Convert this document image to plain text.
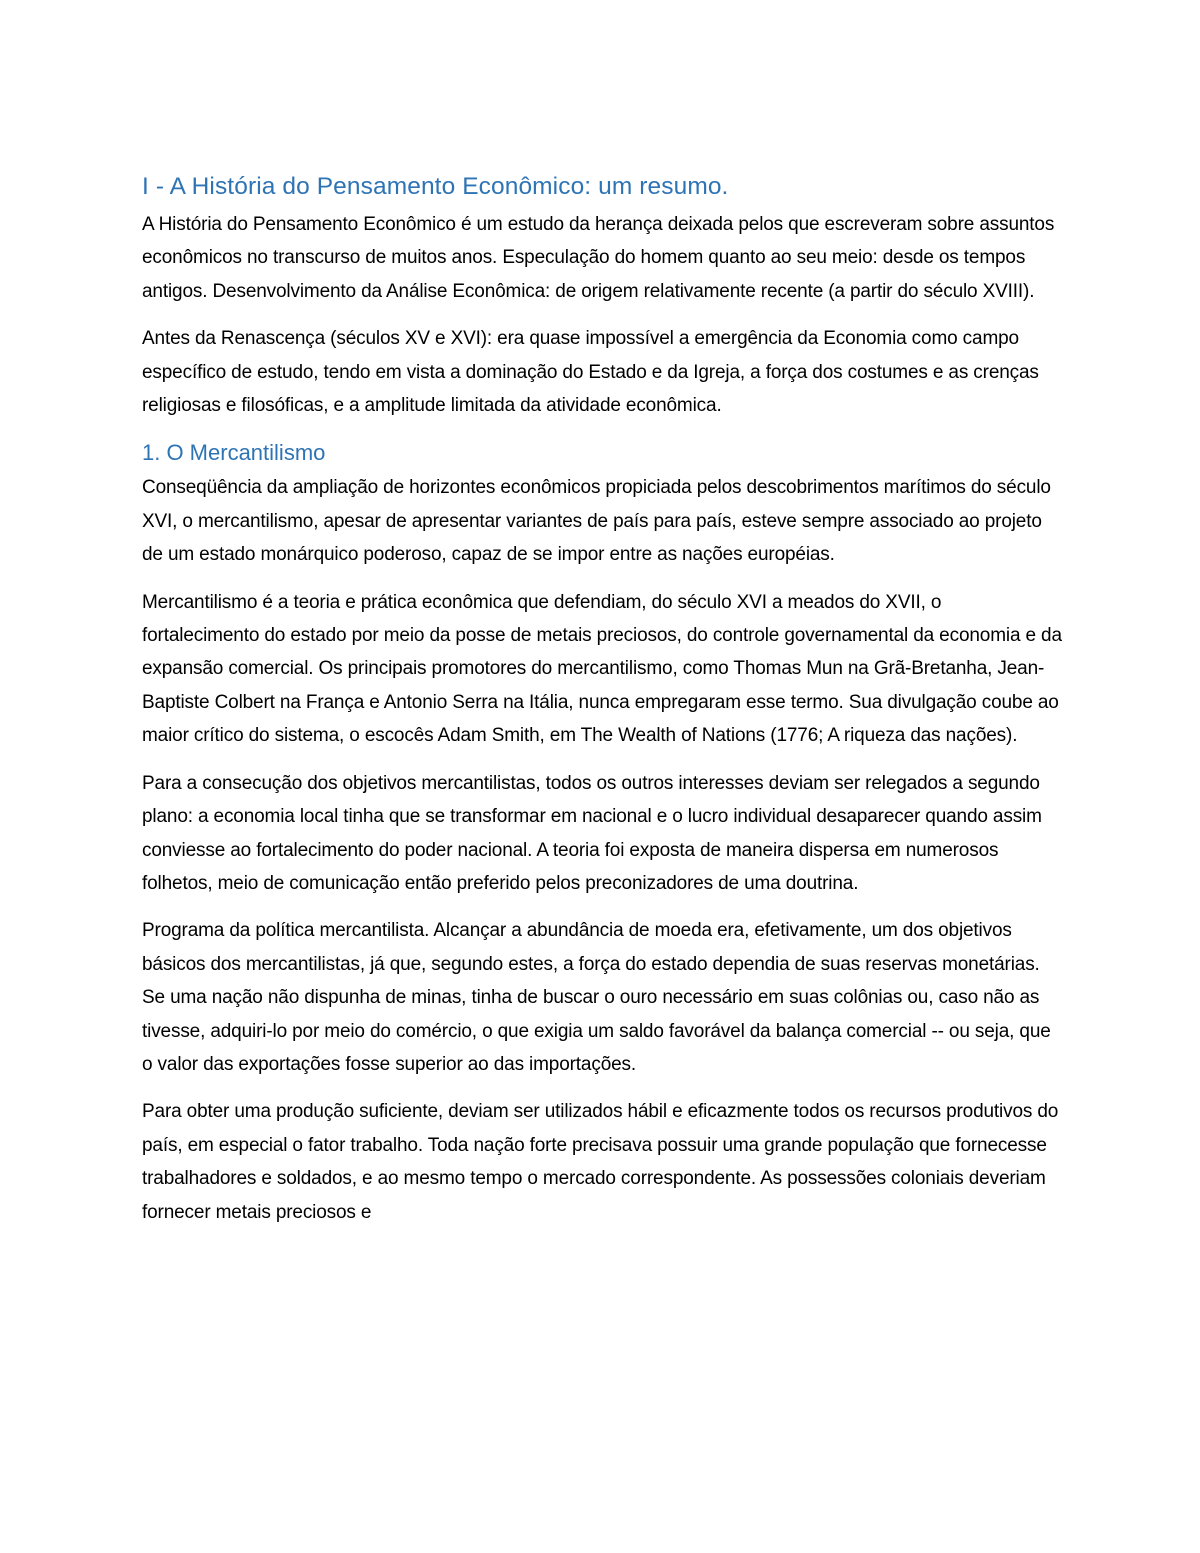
I - A História do Pensamento Econômico: um resumo.

A História do Pensamento Econômico é um estudo da herança deixada pelos que escreveram sobre assuntos econômicos no transcurso de muitos anos. Especulação do homem quanto ao seu meio: desde os tempos antigos. Desenvolvimento da Análise Econômica: de origem relativamente recente (a partir do século XVIII).

Antes da Renascença (séculos XV e XVI): era quase impossível a emergência da Economia como campo específico de estudo, tendo em vista a dominação do Estado e da Igreja, a força dos costumes e as crenças religiosas e filosóficas, e a amplitude limitada da atividade econômica.

1. O Mercantilismo

Conseqüência da ampliação de horizontes econômicos propiciada pelos descobrimentos marítimos do século XVI, o mercantilismo, apesar de apresentar variantes de país para país, esteve sempre associado ao projeto de um estado monárquico poderoso, capaz de se impor entre as nações européias.

Mercantilismo é a teoria e prática econômica que defendiam, do século XVI a meados do XVII, o fortalecimento do estado por meio da posse de metais preciosos, do controle governamental da economia e da expansão comercial. Os principais promotores do mercantilismo, como Thomas Mun na Grã-Bretanha, Jean-Baptiste Colbert na França e Antonio Serra na Itália, nunca empregaram esse termo. Sua divulgação coube ao maior crítico do sistema, o escocês Adam Smith, em The Wealth of Nations (1776; A riqueza das nações).

Para a consecução dos objetivos mercantilistas, todos os outros interesses deviam ser relegados a segundo plano: a economia local tinha que se transformar em nacional e o lucro individual desaparecer quando assim conviesse ao fortalecimento do poder nacional. A teoria foi exposta de maneira dispersa em numerosos folhetos, meio de comunicação então preferido pelos preconizadores de uma doutrina.

Programa da política mercantilista. Alcançar a abundância de moeda era, efetivamente, um dos objetivos básicos dos mercantilistas, já que, segundo estes, a força do estado dependia de suas reservas monetárias. Se uma nação não dispunha de minas, tinha de buscar o ouro necessário em suas colônias ou, caso não as tivesse, adquiri-lo por meio do comércio, o que exigia um saldo favorável da balança comercial -- ou seja, que o valor das exportações fosse superior ao das importações.

Para obter uma produção suficiente, deviam ser utilizados hábil e eficazmente todos os recursos produtivos do país, em especial o fator trabalho. Toda nação forte precisava possuir uma grande população que fornecesse trabalhadores e soldados, e ao mesmo tempo o mercado correspondente. As possessões coloniais deveriam fornecer metais preciosos e
